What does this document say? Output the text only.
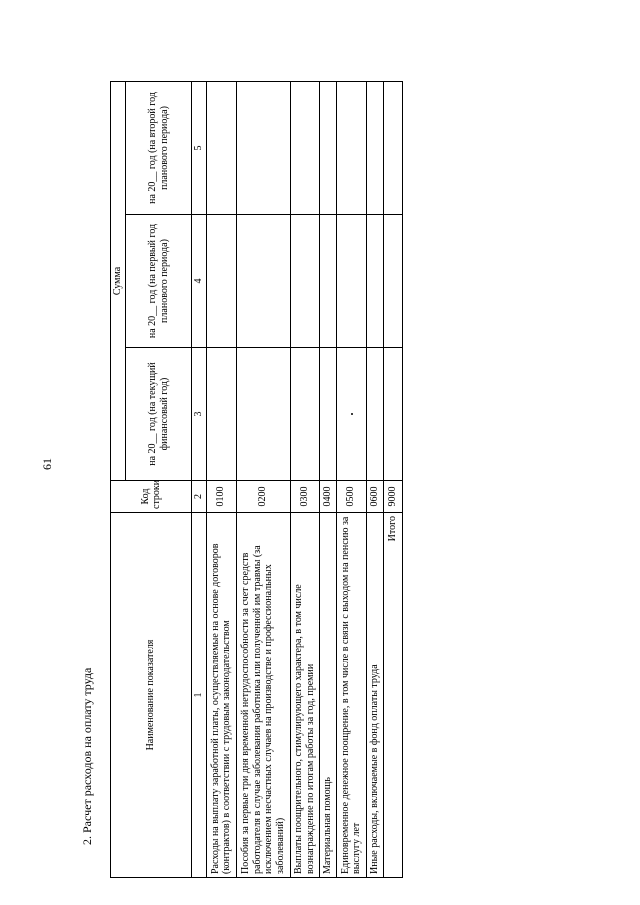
61
2. Расчет расходов на оплату труда	Наименование показателя	Код строки	Сумма		
		на 20__ год (на текущий финансовый год)	на 20__ год (на первый год планового периода)	на 20__ год (на второй год планового периода)
1	2	3	4	5
Расходы на выплату заработной платы, осуществляемые на основе договоров (контрактов) в соответствии с трудовым законодательством	0100			
Пособия за первые три дня временной нетрудоспособности за счет средств работодателя в случае заболевания работника или полученной им травмы (за исключением несчастных случаев на производстве и профессиональных заболеваний)	0200			
Выплаты поощрительного, стимулирующего характера, в том числе вознаграждение по итогам работы за год, премии	0300			
Материальная помощь	0400			
Единовременное денежное поощрение, в том числе в связи с выходом на пенсию за выслугу лет	0500			
Иные расходы, включаемые в фонд оплаты труда	0600			
Итого	9000			
